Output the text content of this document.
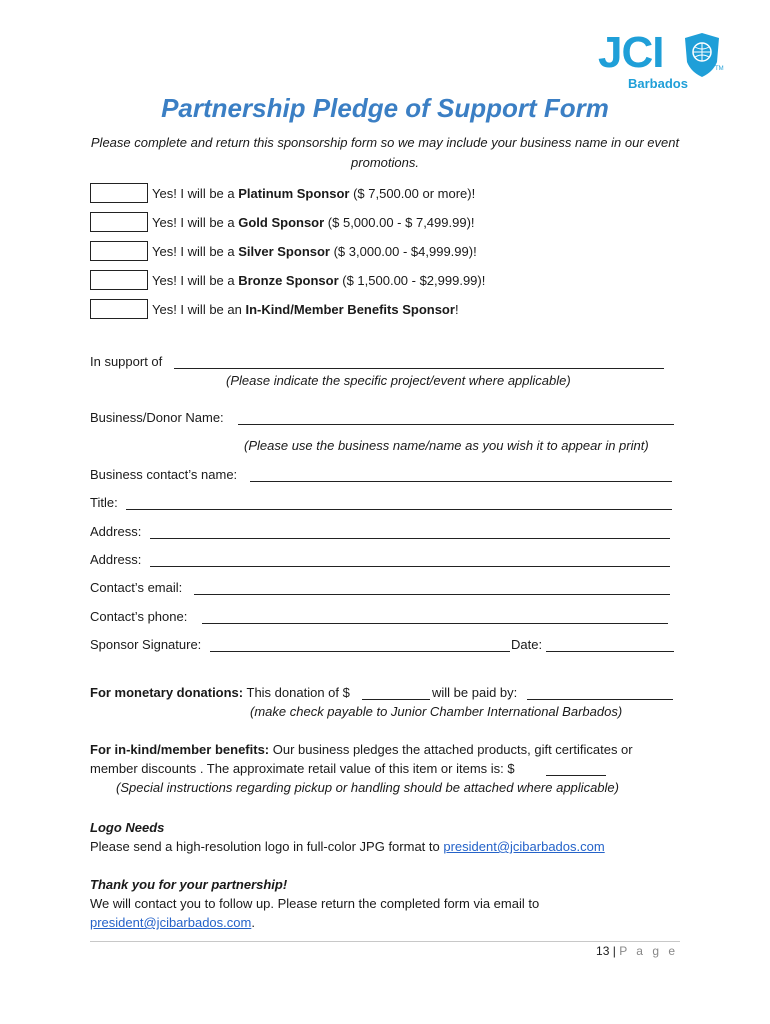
JCI	TM
Barbados
Partnership Pledge of Support Form
Please complete and return this sponsorship form so we may include your business name in our event promotions.
Yes! I will be a Platinum Sponsor ($ 7,500.00 or more)!
Yes! I will be a Gold Sponsor ($ 5,000.00 - $ 7,499.99)!
Yes! I will be a Silver Sponsor ($ 3,000.00 - $4,999.99)!
Yes! I will be a Bronze Sponsor ($ 1,500.00 - $2,999.99)!
Yes! I will be an In-Kind/Member Benefits Sponsor!
In support of
(Please indicate the specific project/event where applicable)
Business/Donor Name:
(Please use the business name/name as you wish it to appear in print)
Business contact’s name:
Title:
Address:
Address:
Contact’s email:
Contact’s phone:
Sponsor Signature:	Date:
For monetary donations: This donation of $	will be paid by:
(make check payable to Junior Chamber International Barbados)
For in-kind/member benefits: Our business pledges the attached products, gift certificates or
member discounts . The approximate retail value of this item or items is: $
(Special instructions regarding pickup or handling should be attached where applicable)
Logo Needs
Please send a high-resolution logo in full-color JPG format to president@jcibarbados.com
Thank you for your partnership!
We will contact you to follow up. Please return the completed form via email to
president@jcibarbados.com.
13 | P a g e
